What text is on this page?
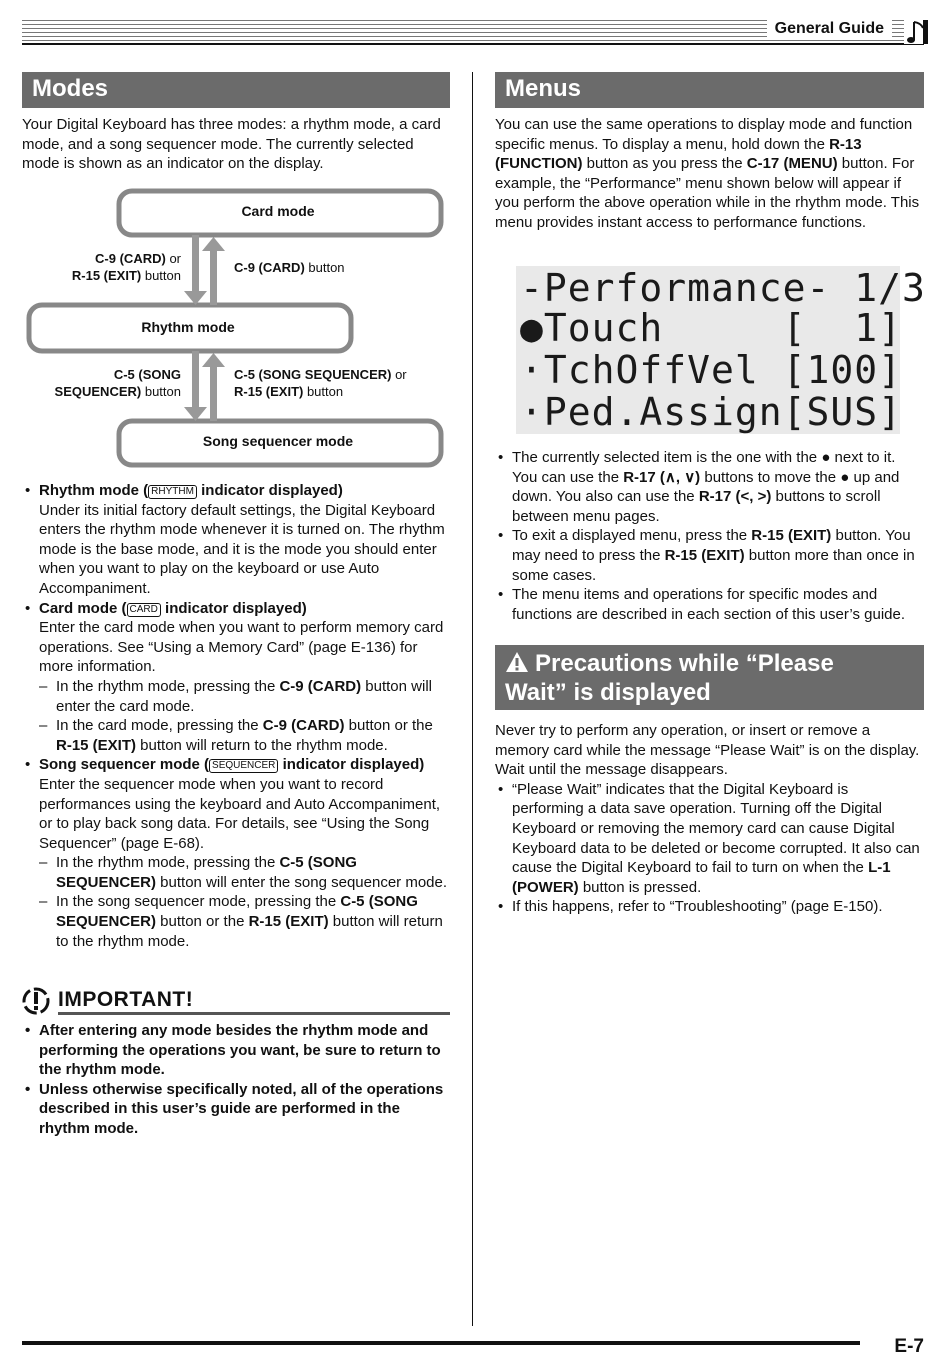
General Guide
Modes

Your Digital Keyboard has three modes: a rhythm mode, a card mode, and a song sequencer mode. The currently selected mode is shown as an indicator on the display.

Card mode
Rhythm mode
Song sequencer mode
C-9 (CARD) or
R-15 (EXIT) button	C-9 (CARD) button
C-5 (SONG
SEQUENCER) button
C-5 (SONG SEQUENCER) or
R-15 (EXIT) button
• Rhythm mode ( RHYTHM indicator displayed)
Under its initial factory default settings, the Digital Keyboard enters the rhythm mode whenever it is turned on. The rhythm mode is the base mode, and it is the mode you should enter when you want to play on the keyboard or use Auto Accompaniment.
• Card mode ( CARD indicator displayed)
Enter the card mode when you want to perform memory card operations. See “Using a Memory Card” (page E-136) for more information.
– In the rhythm mode, pressing the C-9 (CARD) button will enter the card mode.
– In the card mode, pressing the C-9 (CARD) button or the R-15 (EXIT) button will return to the rhythm mode.
• Song sequencer mode ( SEQUENCER indicator displayed)
Enter the sequencer mode when you want to record performances using the keyboard and Auto Accompaniment, or to play back song data. For details, see “Using the Song Sequencer” (page E-68).
– In the rhythm mode, pressing the C-5 (SONG SEQUENCER) button will enter the song sequencer mode.
– In the song sequencer mode, pressing the C-5 (SONG SEQUENCER) button or the R-15 (EXIT) button will return to the rhythm mode.
IMPORTANT!
• After entering any mode besides the rhythm mode and performing the operations you want, be sure to return to the rhythm mode.
• Unless otherwise specifically noted, all of the operations described in this user’s guide are performed in the rhythm mode.
Menus

You can use the same operations to display mode and function specific menus. To display a menu, hold down the R-13 (FUNCTION) button as you press the C-17 (MENU) button. For example, the “Performance” menu shown below will appear if you perform the above operation while in the rhythm mode. This menu provides instant access to performance functions.

-Performance- 1/3
●Touch     [  1]
·TchOffVel [100]
·Ped.Assign[SUS]
• The currently selected item is the one with the ● next to it. You can use the R-17 (∧, ∨) buttons to move the ● up and down. You also can use the R-17 (<, >) buttons to scroll between menu pages.
• To exit a displayed menu, press the R-15 (EXIT) button. You may need to press the R-15 (EXIT) button more than once in some cases.
• The menu items and operations for specific modes and functions are described in each section of this user’s guide.
Precautions while “Please
Wait” is displayed

Never try to perform any operation, or insert or remove a memory card while the message “Please Wait” is on the display. Wait until the message disappears.

• “Please Wait” indicates that the Digital Keyboard is performing a data save operation. Turning off the Digital Keyboard or removing the memory card can cause Digital Keyboard data to be deleted or become corrupted. It also can cause the Digital Keyboard to fail to turn on when the L-1 (POWER) button is pressed.
• If this happens, refer to “Troubleshooting” (page E-150).
E-7
